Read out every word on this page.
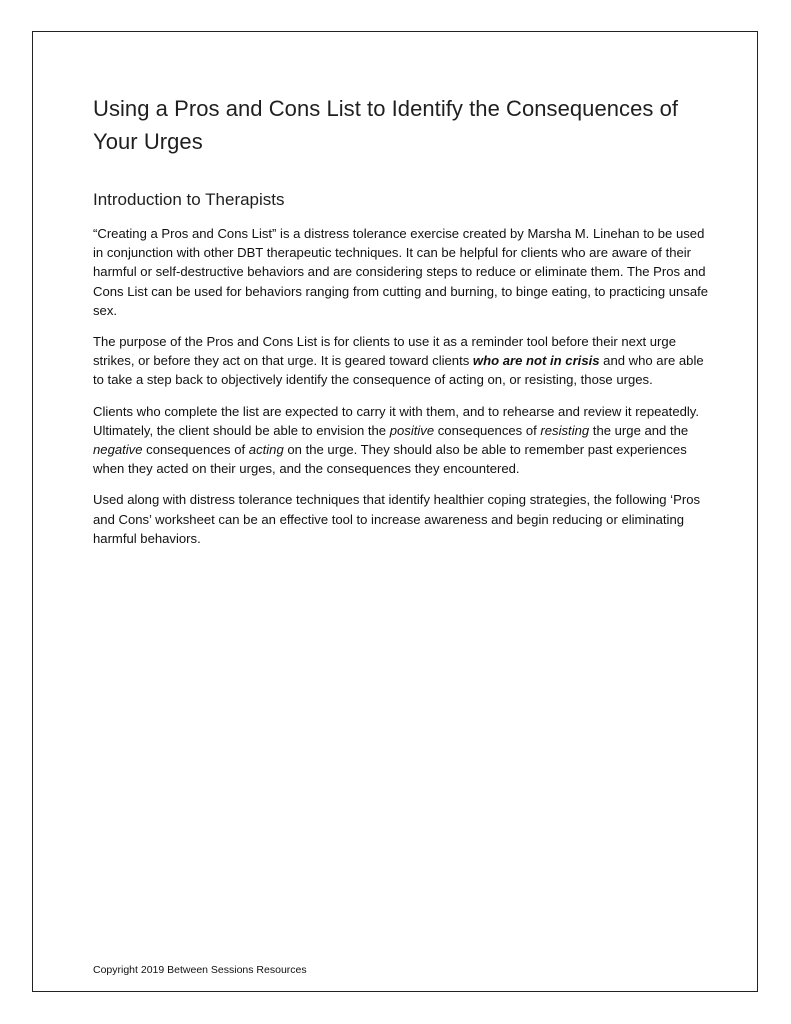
Using a Pros and Cons List to Identify the Consequences of Your Urges
Introduction to Therapists

“Creating a Pros and Cons List” is a distress tolerance exercise created by Marsha M. Linehan to be used in conjunction with other DBT therapeutic techniques. It can be helpful for clients who are aware of their harmful or self-destructive behaviors and are considering steps to reduce or eliminate them. The Pros and Cons List can be used for behaviors ranging from cutting and burning, to binge eating, to practicing unsafe sex.

The purpose of the Pros and Cons List is for clients to use it as a reminder tool before their next urge strikes, or before they act on that urge. It is geared toward clients who are not in crisis and who are able to take a step back to objectively identify the consequence of acting on, or resisting, those urges.

Clients who complete the list are expected to carry it with them, and to rehearse and review it repeatedly. Ultimately, the client should be able to envision the positive consequences of resisting the urge and the negative consequences of acting on the urge. They should also be able to remember past experiences when they acted on their urges, and the consequences they encountered.

Used along with distress tolerance techniques that identify healthier coping strategies, the following ‘Pros and Cons’ worksheet can be an effective tool to increase awareness and begin reducing or eliminating harmful behaviors.

Copyright 2019 Between Sessions Resources
